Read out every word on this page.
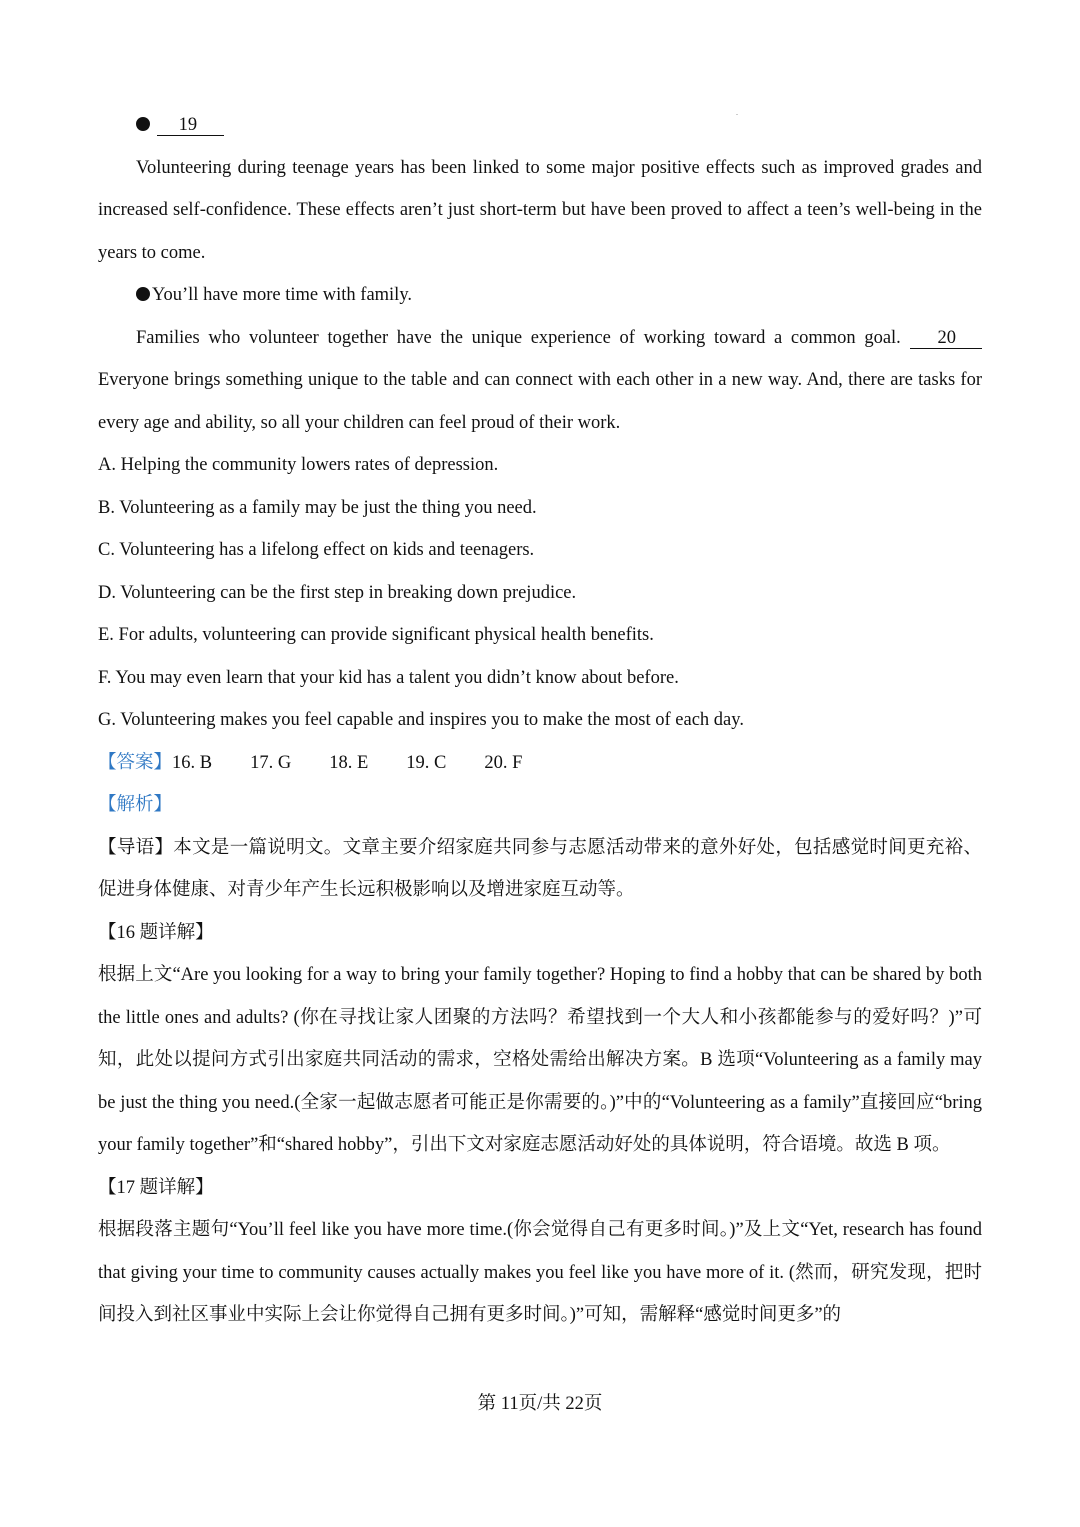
19

Volunteering during teenage years has been linked to some major positive effects such as improved grades and increased self-confidence. These effects aren’t just short-term but have been proved to affect a teen’s well-being in the years to come.

You’ll have more time with family.

Families who volunteer together have the unique experience of working toward a common goal. 20 Everyone brings something unique to the table and can connect with each other in a new way. And, there are tasks for every age and ability, so all your children can feel proud of their work.

A. Helping the community lowers rates of depression.

B. Volunteering as a family may be just the thing you need.

C. Volunteering has a lifelong effect on kids and teenagers.

D. Volunteering can be the first step in breaking down prejudice.

E. For adults, volunteering can provide significant physical health benefits.

F. You may even learn that your kid has a talent you didn’t know about before.

G. Volunteering makes you feel capable and inspires you to make the most of each day.

【答案】 16. B 17. G 18. E 19. C 20. F

【解析】

【导语】本文是一篇说明文。文章主要介绍家庭共同参与志愿活动带来的意外好处，包括感觉时间更充裕、促进身体健康、对青少年产生长远积极影响以及增进家庭互动等。

【16 题详解】

根据上文“Are you looking for a way to bring your family together? Hoping to find a hobby that can be shared by both the little ones and adults? (你在寻找让家人团聚的方法吗？希望找到一个大人和小孩都能参与的爱好吗？)”可知，此处以提问方式引出家庭共同活动的需求，空格处需给出解决方案。B 选项“Volunteering as a family may be just the thing you need.(全家一起做志愿者可能正是你需要的。)”中的“Volunteering as a family”直接回应“bring your family together”和“shared hobby”，引出下文对家庭志愿活动好处的具体说明，符合语境。故选 B 项。

【17 题详解】

根据段落主题句“You’ll feel like you have more time.(你会觉得自己有更多时间。)”及上文“Yet, research has found that giving your time to community causes actually makes you feel like you have more of it. (然而，研究发现，把时间投入到社区事业中实际上会让你觉得自己拥有更多时间。)”可知，需解释“感觉时间更多”的

第 11页/共 22页
